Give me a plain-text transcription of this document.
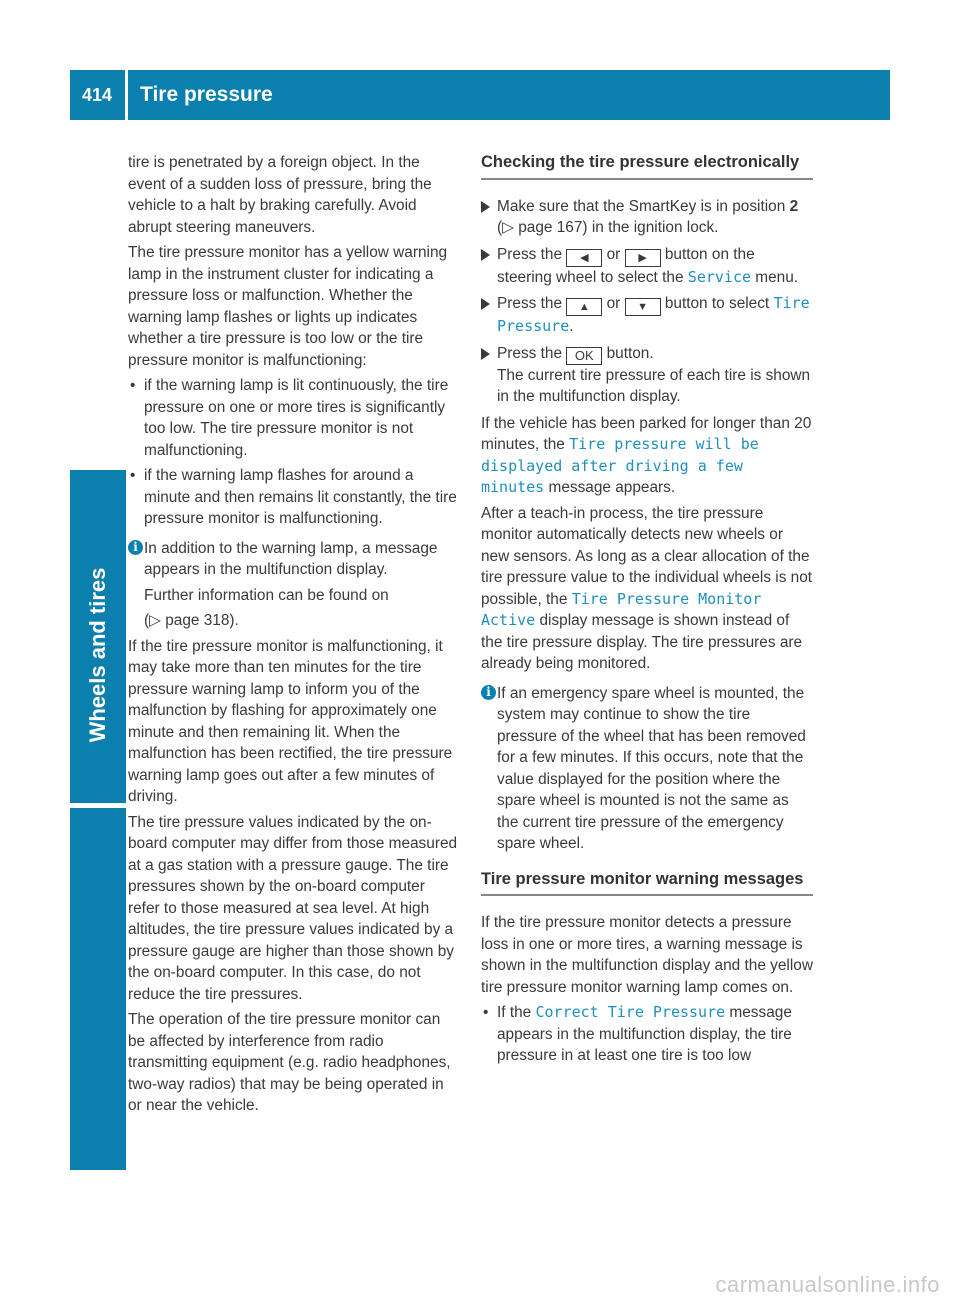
414 Tire pressure
Wheels and tires

tire is penetrated by a foreign object. In the event of a sudden loss of pressure, bring the vehicle to a halt by braking carefully. Avoid abrupt steering maneuvers.

The tire pressure monitor has a yellow warning lamp in the instrument cluster for indicating a pressure loss or malfunction. Whether the warning lamp flashes or lights up indicates whether a tire pressure is too low or the tire pressure monitor is malfunctioning:

• if the warning lamp is lit continuously, the tire pressure on one or more tires is significantly too low. The tire pressure monitor is not malfunctioning.
• if the warning lamp flashes for around a minute and then remains lit constantly, the tire pressure monitor is malfunctioning.
i In addition to the warning lamp, a message appears in the multifunction display.

Further information can be found on

(▷ page 318).

If the tire pressure monitor is malfunctioning, it may take more than ten minutes for the tire pressure warning lamp to inform you of the malfunction by flashing for approximately one minute and then remaining lit. When the malfunction has been rectified, the tire pressure warning lamp goes out after a few minutes of driving.

The tire pressure values indicated by the on-board computer may differ from those measured at a gas station with a pressure gauge. The tire pressures shown by the on-board computer refer to those measured at sea level. At high altitudes, the tire pressure values indicated by a pressure gauge are higher than those shown by the on-board computer. In this case, do not reduce the tire pressures.

The operation of the tire pressure monitor can be affected by interference from radio transmitting equipment (e.g. radio headphones, two-way radios) that may be being operated in or near the vehicle.

Checking the tire pressure electronically
Make sure that the SmartKey is in position 2 (▷ page 167) in the ignition lock.
Press the ◀ or ▶ button on the steering wheel to select the Service menu.
Press the ▲ or ▼ button to select Tire Pressure.
Press the OK button.
The current tire pressure of each tire is shown in the multifunction display.

If the vehicle has been parked for longer than 20 minutes, the Tire pressure will be displayed after driving a few minutes message appears.

After a teach-in process, the tire pressure monitor automatically detects new wheels or new sensors. As long as a clear allocation of the tire pressure value to the individual wheels is not possible, the Tire Pressure Monitor Active display message is shown instead of the tire pressure display. The tire pressures are already being monitored.

i If an emergency spare wheel is mounted, the system may continue to show the tire pressure of the wheel that has been removed for a few minutes. If this occurs, note that the value displayed for the position where the spare wheel is mounted is not the same as the current tire pressure of the emergency spare wheel.

Tire pressure monitor warning messages

If the tire pressure monitor detects a pressure loss in one or more tires, a warning message is shown in the multifunction display and the yellow tire pressure monitor warning lamp comes on.

• If the Correct Tire Pressure message appears in the multifunction display, the tire pressure in at least one tire is too low
carmanualsonline.info
